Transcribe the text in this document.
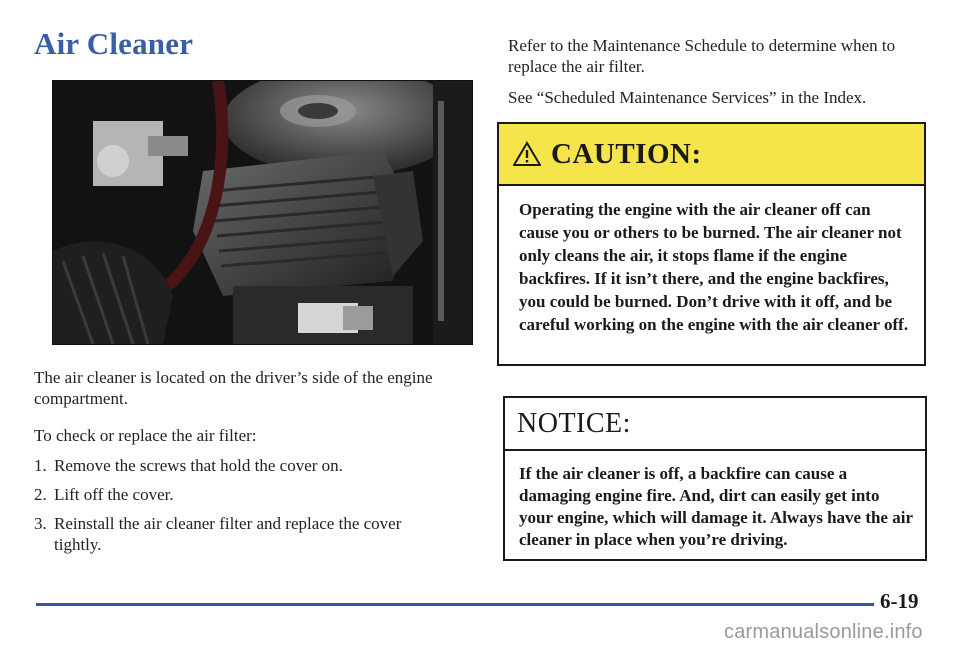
Air Cleaner

The air cleaner is located on the driver’s side of the engine compartment.

To check or replace the air filter:

1. Remove the screws that hold the cover on.
2. Lift off the cover.
3. Reinstall the air cleaner filter and replace the cover tightly.

Refer to the Maintenance Schedule to determine when to replace the air filter.

See “Scheduled Maintenance Services” in the Index.

CAUTION:
Operating the engine with the air cleaner off can cause you or others to be burned. The air cleaner not only cleans the air, it stops flame if the engine backfires. If it isn’t there, and the engine backfires, you could be burned. Don’t drive with it off, and be careful working on the engine with the air cleaner off.
NOTICE:
If the air cleaner is off, a backfire can cause a damaging engine fire. And, dirt can easily get into your engine, which will damage it. Always have the air cleaner in place when you’re driving.
6-19
carmanualsonline.info
